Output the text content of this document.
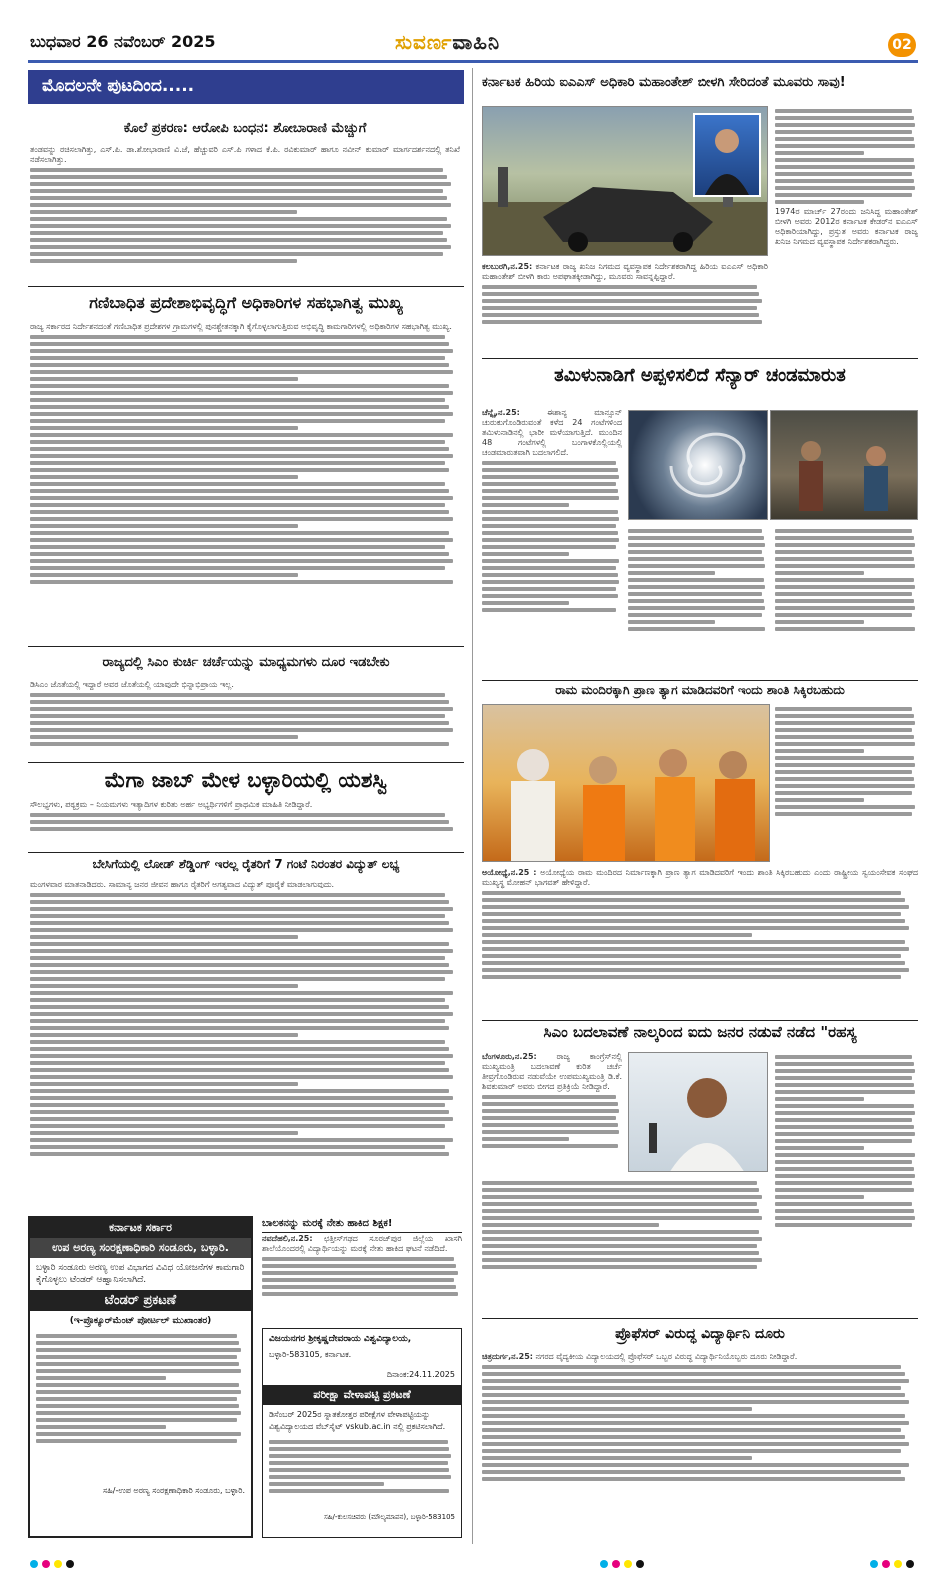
ಬುಧವಾರ 26 ನವೆಂಬರ್ 2025	ಸುವರ್ಣವಾಹಿನಿ	02
ಮೊದಲನೇ ಪುಟದಿಂದ.....
ಕೊಲೆ ಪ್ರಕರಣ: ಆರೋಪಿ ಬಂಧನ: ಶೋಬಾರಾಣಿ ಮೆಚ್ಚುಗೆ

ತಂಡವನ್ನು ರಚಿಸಲಾಗಿತ್ತು, ಎಸ್.ಪಿ. ಡಾ.ಶೋಭಾರಾಣಿ ವಿ.ಜೆ, ಹೆಚ್ಚುವರಿ ಎಸ್.ಪಿ ಗಳಾದ ಕೆ.ಪಿ. ರವಿಕುಮಾರ್ ಹಾಗೂ ನವೀನ್ ಕುಮಾರ್ ಮಾರ್ಗದರ್ಶನದಲ್ಲಿ ತನಿಖೆ ನಡೆಸಲಾಗಿತ್ತು.

ಗಣಿಬಾಧಿತ ಪ್ರದೇಶಾಭಿವೃದ್ಧಿಗೆ ಅಧಿಕಾರಿಗಳ ಸಹಭಾಗಿತ್ವ ಮುಖ್ಯ

ರಾಜ್ಯ ಸರ್ಕಾರದ ನಿರ್ದೇಶನದಂತೆ ಗಣಿಬಾಧಿತ ಪ್ರದೇಶಗಳ ಗ್ರಾಮಗಳಲ್ಲಿ ಪುನಶ್ಚೇತನಕ್ಕಾಗಿ ಕೈಗೊಳ್ಳಲಾಗುತ್ತಿರುವ ಅಭಿವೃದ್ಧಿ ಕಾಮಗಾರಿಗಳಲ್ಲಿ ಅಧಿಕಾರಿಗಳ ಸಹಭಾಗಿತ್ವ ಮುಖ್ಯ.

ರಾಜ್ಯದಲ್ಲಿ ಸಿಎಂ ಕುರ್ಚಿ ಚರ್ಚೆಯನ್ನು ಮಾಧ್ಯಮಗಳು ದೂರ ಇಡಬೇಕು

ಡಿಸಿಎಂ ಜೊತೆಯಲ್ಲಿ ಇದ್ದಾರೆ ಅವರ ಜೊತೆಯಲ್ಲಿ ಯಾವುದೇ ಭಿನ್ನಾಭಿಪ್ರಾಯ ಇಲ್ಲ.

ಮೆಗಾ ಜಾಬ್ ಮೇಳ ಬಳ್ಳಾರಿಯಲ್ಲಿ ಯಶಸ್ವಿ

ಸೌಲಭ್ಯಗಳು, ಪಠ್ಯಕ್ರಮ – ನಿಯಮಗಳು ಇತ್ಯಾದಿಗಳ ಕುರಿತು ಅರ್ಹ ಅಭ್ಯರ್ಥಿಗಳಿಗೆ ಪ್ರಾಥಮಿಕ ಮಾಹಿತಿ ನೀಡಿದ್ದಾರೆ.

ಬೇಸಿಗೆಯಲ್ಲಿ ಲೋಡ್ ಶೆಡ್ಡಿಂಗ್ ಇರಲ್ಲ ರೈತರಿಗೆ 7 ಗಂಟೆ ನಿರಂತರ ವಿದ್ಯುತ್ ಲಭ್ಯ

ಮಂಗಳವಾರ ಮಾತನಾಡಿದರು. ಸಾಮಾನ್ಯ ಜನರ ಜೀವನ ಹಾಗೂ ರೈತರಿಗೆ ಅಗತ್ಯವಾದ ವಿದ್ಯುತ್ ಪೂರೈಕೆ ಮಾಡಲಾಗುವುದು.

ಕರ್ನಾಟಕ ಸರ್ಕಾರ
ಉಪ ಅರಣ್ಯ ಸಂರಕ್ಷಣಾಧಿಕಾರಿ ಸಂಡೂರು, ಬಳ್ಳಾರಿ.
ಬಳ್ಳಾರಿ ಸಂಡೂರು ಅರಣ್ಯ ಉಪ ವಿಭಾಗದ ವಿವಿಧ ಯೋಜನೆಗಳ ಕಾಮಗಾರಿ ಕೈಗೊಳ್ಳಲು ಟೆಂಡರ್ ಆಹ್ವಾನಿಸಲಾಗಿದೆ.
ಟೆಂಡರ್ ಪ್ರಕಟಣೆ
(ಇ-ಪ್ರೊಕ್ಯೂರ್‌ಮೆಂಟ್ ಪೋರ್ಟಲ್ ಮುಖಾಂತರ)
ಸಹಿ/-ಉಪ ಅರಣ್ಯ ಸಂರಕ್ಷಣಾಧಿಕಾರಿ ಸಂಡೂರು, ಬಳ್ಳಾರಿ.
ಬಾಲಕನನ್ನು ಮರಕ್ಕೆ ನೇತು ಹಾಕಿದ ಶಿಕ್ಷಕ!

ನವದೆಹಲಿ,ನ.25: ಛತ್ತೀಸ್‌ಗಢದ ಸೂರಜ್‌ಪುರ ಜಿಲ್ಲೆಯ ಖಾಸಗಿ ಶಾಲೆಯೊಂದರಲ್ಲಿ ವಿದ್ಯಾರ್ಥಿಯನ್ನು ಮರಕ್ಕೆ ನೇತು ಹಾಕಿದ ಘಟನೆ ನಡೆದಿದೆ.

ವಿಜಯನಗರ ಶ್ರೀಕೃಷ್ಣದೇವರಾಯ ವಿಶ್ವವಿದ್ಯಾಲಯ,
ಬಳ್ಳಾರಿ-583105, ಕರ್ನಾಟಕ.
ದಿನಾಂಕ:24.11.2025
ಪರೀಕ್ಷಾ ವೇಳಾಪಟ್ಟಿ ಪ್ರಕಟಣೆ
ಡಿಸೆಂಬರ್ 2025ರ ಸ್ನಾತಕೋತ್ತರ ಪರೀಕ್ಷೆಗಳ ವೇಳಾಪಟ್ಟಿಯನ್ನು ವಿಶ್ವವಿದ್ಯಾಲಯದ ವೆಬ್‌ಸೈಟ್ vskub.ac.in ನಲ್ಲಿ ಪ್ರಕಟಿಸಲಾಗಿದೆ.
ಸಹಿ/-ಕುಲಸಚಿವರು (ಮೌಲ್ಯಮಾಪನ), ಬಳ್ಳಾರಿ-583105
ಕರ್ನಾಟಕ ಹಿರಿಯ ಐಎಎಸ್ ಅಧಿಕಾರಿ ಮಹಾಂತೇಶ್ ಬೀಳಗಿ ಸೇರಿದಂತೆ ಮೂವರು ಸಾವು!

ಕಲಬುರಗಿ,ನ.25: ಕರ್ನಾಟಕ ರಾಜ್ಯ ಖನಿಜ ನಿಗಮದ ವ್ಯವಸ್ಥಾಪಕ ನಿರ್ದೇಶಕರಾಗಿದ್ದ ಹಿರಿಯ ಐಎಎಸ್ ಅಧಿಕಾರಿ ಮಹಾಂತೇಶ್ ಬೀಳಗಿ ಕಾರು ಅಪಘಾತಕ್ಕೀಡಾಗಿದ್ದು, ಮೂವರು ಸಾವನ್ನಪ್ಪಿದ್ದಾರೆ.

1974ರ ಮಾರ್ಚ್ 27ರಂದು ಜನಿಸಿದ್ದ ಮಹಾಂತೇಶ್ ಬೀಳಗಿ ಅವರು 2012ರ ಕರ್ನಾಟಕ ಕೇಡರ್‌ನ ಐಎಎಸ್ ಅಧಿಕಾರಿಯಾಗಿದ್ದು, ಪ್ರಸ್ತುತ ಅವರು ಕರ್ನಾಟಕ ರಾಜ್ಯ ಖನಿಜ ನಿಗಮದ ವ್ಯವಸ್ಥಾಪಕ ನಿರ್ದೇಶಕರಾಗಿದ್ದರು.

ತಮಿಳುನಾಡಿಗೆ ಅಪ್ಪಳಿಸಲಿದೆ ಸೆನ್ಯಾರ್ ಚಂಡಮಾರುತ

ಚೆನ್ನೈ,ನ.25:	ಈಶಾನ್ಯ ಮಾನ್ಸೂನ್ ಚುರುಕುಗೊಂಡಿರುವಂತೆ ಕಳೆದ 24 ಗಂಟೆಗಳಿಂದ ತಮಿಳುನಾಡಿನಲ್ಲಿ ಭಾರೀ ಮಳೆಯಾಗುತ್ತಿದೆ. ಮುಂದಿನ 48 ಗಂಟೆಗಳಲ್ಲಿ ಬಂಗಾಳಕೊಲ್ಲಿಯಲ್ಲಿ ಚಂಡಮಾರುತವಾಗಿ ಬದಲಾಗಲಿದೆ.

ರಾಮ ಮಂದಿರಕ್ಕಾಗಿ ಪ್ರಾಣ ತ್ಯಾಗ ಮಾಡಿದವರಿಗೆ ಇಂದು ಶಾಂತಿ ಸಿಕ್ಕಿರಬಹುದು

ಅಯೋಧ್ಯೆ,ನ.25 : ಅಯೋಧ್ಯೆಯ ರಾಮ ಮಂದಿರದ ನಿರ್ಮಾಣಕ್ಕಾಗಿ ಪ್ರಾಣ ತ್ಯಾಗ ಮಾಡಿದವರಿಗೆ ಇಂದು ಶಾಂತಿ ಸಿಕ್ಕಿರಬಹುದು ಎಂದು ರಾಷ್ಟ್ರೀಯ ಸ್ವಯಂಸೇವಕ ಸಂಘದ ಮುಖ್ಯಸ್ಥ ಮೋಹನ್ ಭಾಗವತ್ ಹೇಳಿದ್ದಾರೆ.

ಸಿಎಂ ಬದಲಾವಣೆ ನಾಲ್ಕರಿಂದ ಐದು ಜನರ ನಡುವೆ ನಡೆದ "ರಹಸ್ಯ

ಬೆಂಗಳೂರು,ನ.25: ರಾಜ್ಯ ಕಾಂಗ್ರೆಸ್‌ನಲ್ಲಿ ಮುಖ್ಯಮಂತ್ರಿ ಬದಲಾವಣೆ ಕುರಿತ ಚರ್ಚೆ ತೀವ್ರಗೊಂಡಿರುವ ನಡುವೆಯೇ ಉಪಮುಖ್ಯಮಂತ್ರಿ ಡಿ.ಕೆ. ಶಿವಕುಮಾರ್ ಅವರು ಬೀಗದ ಪ್ರತಿಕ್ರಿಯೆ ನೀಡಿದ್ದಾರೆ.

ಪ್ರೊಫೆಸರ್ ವಿರುದ್ಧ ವಿದ್ಯಾರ್ಥಿನಿ ದೂರು

ಚಿತ್ರದುರ್ಗ,ನ.25: ನಗರದ ವೈದ್ಯಕೀಯ ವಿದ್ಯಾಲಯದಲ್ಲಿ ಪ್ರೊಫೆಸರ್ ಒಬ್ಬರ ವಿರುದ್ಧ ವಿದ್ಯಾರ್ಥಿನಿಯೊಬ್ಬರು ದೂರು ನೀಡಿದ್ದಾರೆ.
